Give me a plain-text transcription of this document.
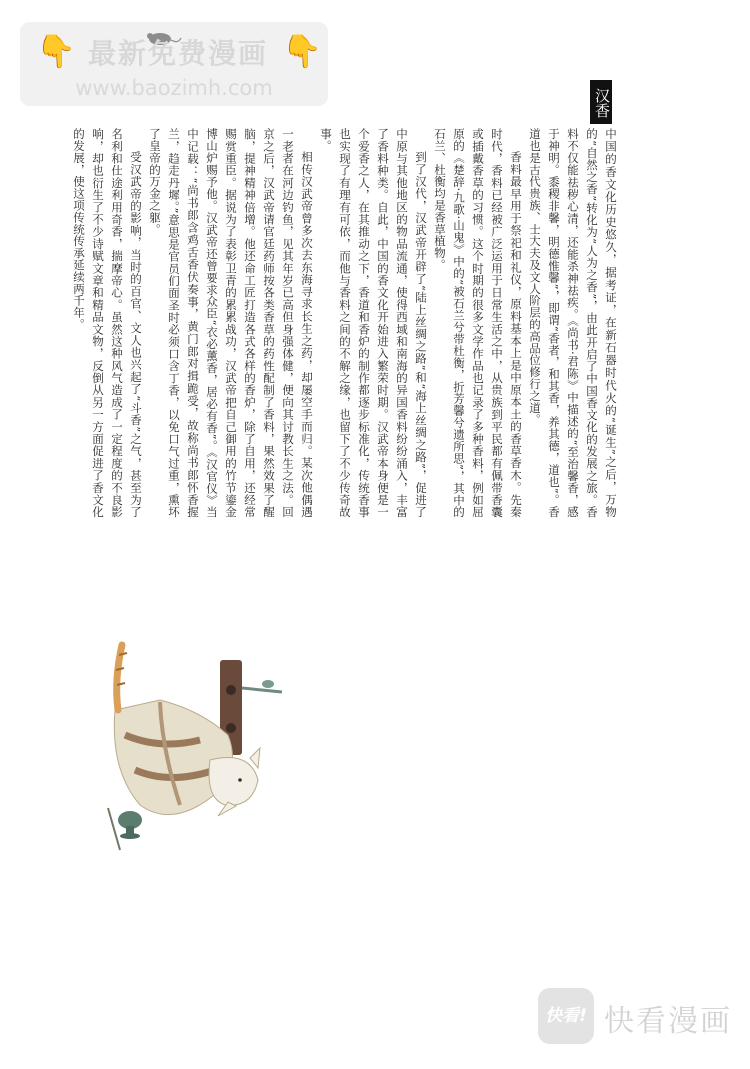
👇	👇
最新免费漫画
www.baozimh.com	汉香

中国的香文化历史悠久，据考证，在新石器时代火的“诞生”之后，万物的“自然之香”转化为“人为之香”，由此开启了中国香文化的发展之旅。香料不仅能祛秽心清，还能杀神祛疾。《尚书·君陈》中描述的“至治馨香，感于神明。黍稷非馨，明德惟馨”，即谓“香者，和其香，养其德，道也”。香道也是古代贵族、士大夫及文人阶层的高品位修行之道。

香料最早用于祭祀和礼仪，原料基本上是中原本土的香草香木。先秦时代，香料已经被广泛运用于日常生活之中，从贵族到平民都有佩带香囊或插戴香草的习惯。这个时期的很多文学作品也记录了多种香料，例如屈原的《楚辞·九歌·山鬼》中的“被石兰兮带杜衡，折芳馨兮遗所思”，其中的石兰、杜衡均是香草植物。

到了汉代，汉武帝开辟了“陆上丝绸之路”和“海上丝绸之路”，促进了中原与其他地区的物品流通，使得西域和南海的异国香料纷纷涌入，丰富了香料种类。自此，中国的香文化开始进入繁荣时期。汉武帝本身便是一个爱香之人，在其推动之下，香道和香炉的制作都逐步标准化，传统香事也实现了有理有可依，而他与香料之间的不解之缘，也留下了不少传奇故事。

相传汉武帝曾多次去东海寻求长生之药，却屡空手而归。某次他偶遇一老者在河边钓鱼，见其年岁已高但身强体健，便向其讨教长生之法。回京之后，汉武帝请官廷药师按各类香草的药性配制了香料，果然效果了醒脑，提神精神倍增。他还命工匠打造各式各样的香炉，除了自用，还经常赐赏重臣。据说为了表彰卫青的累累战功，汉武帝把自己御用的竹节鎏金博山炉赐予他。汉武帝还曾要求众臣“衣必薰香，居必有香”。《汉官仪》当中记载：“尚书郎含鸡舌香伏奏事，黄门郎对揖跪受，故称尚书郎怀香握兰，趋走丹墀。”意思是官员们面圣时必须口含丁香，以免口气过重，熏坏了皇帝的万金之躯。

受汉武帝的影响，当时的百官、文人也兴起了“斗香”之气，甚至为了名利和仕途利用奇香，揣摩帝心。虽然这种风气造成了一定程度的不良影响，却也衍生了不少诗赋文章和精品文物，反倒从另一方面促进了香文化的发展，使这项传统传承延续两千年。

快看! 快看漫画
